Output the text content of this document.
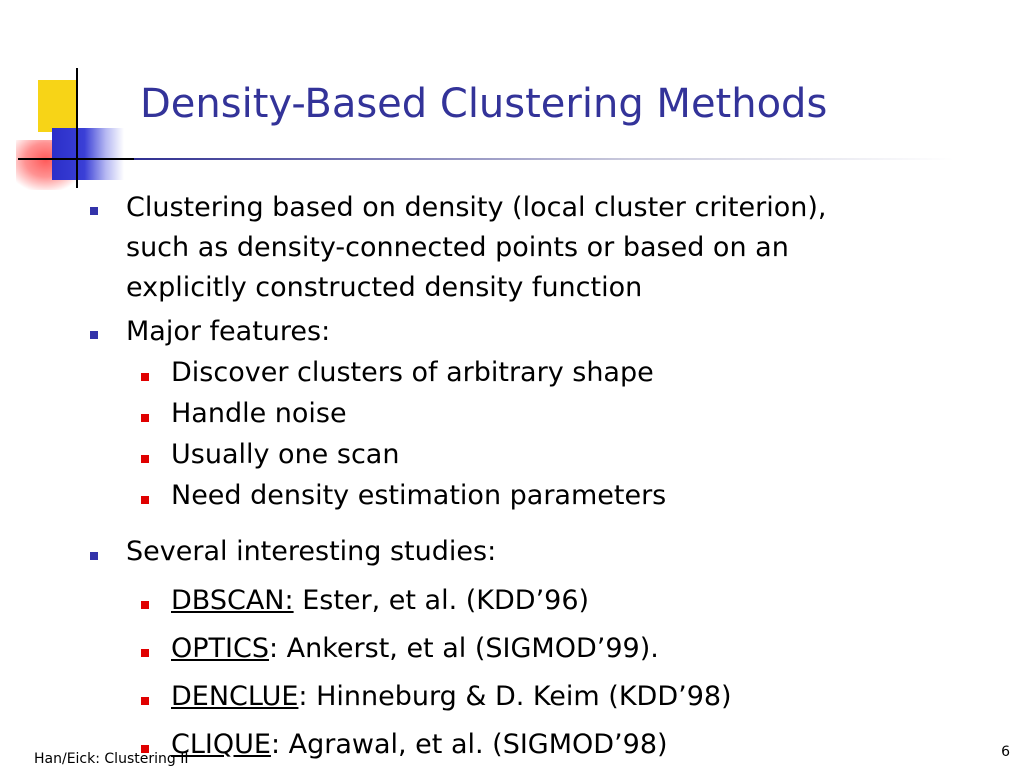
Density-Based Clustering Methods
Clustering based on density (local cluster criterion),
such as density-connected points or based on an
explicitly constructed density function
Major features:
Discover clusters of arbitrary shape
Handle noise
Usually one scan
Need density estimation parameters
Several interesting studies:
DBSCAN: Ester, et al. (KDD’96)
OPTICS: Ankerst, et al (SIGMOD’99).
DENCLUE: Hinneburg & D. Keim (KDD’98)
CLIQUE: Agrawal, et al. (SIGMOD’98)
Han/Eick: Clustering II	6
